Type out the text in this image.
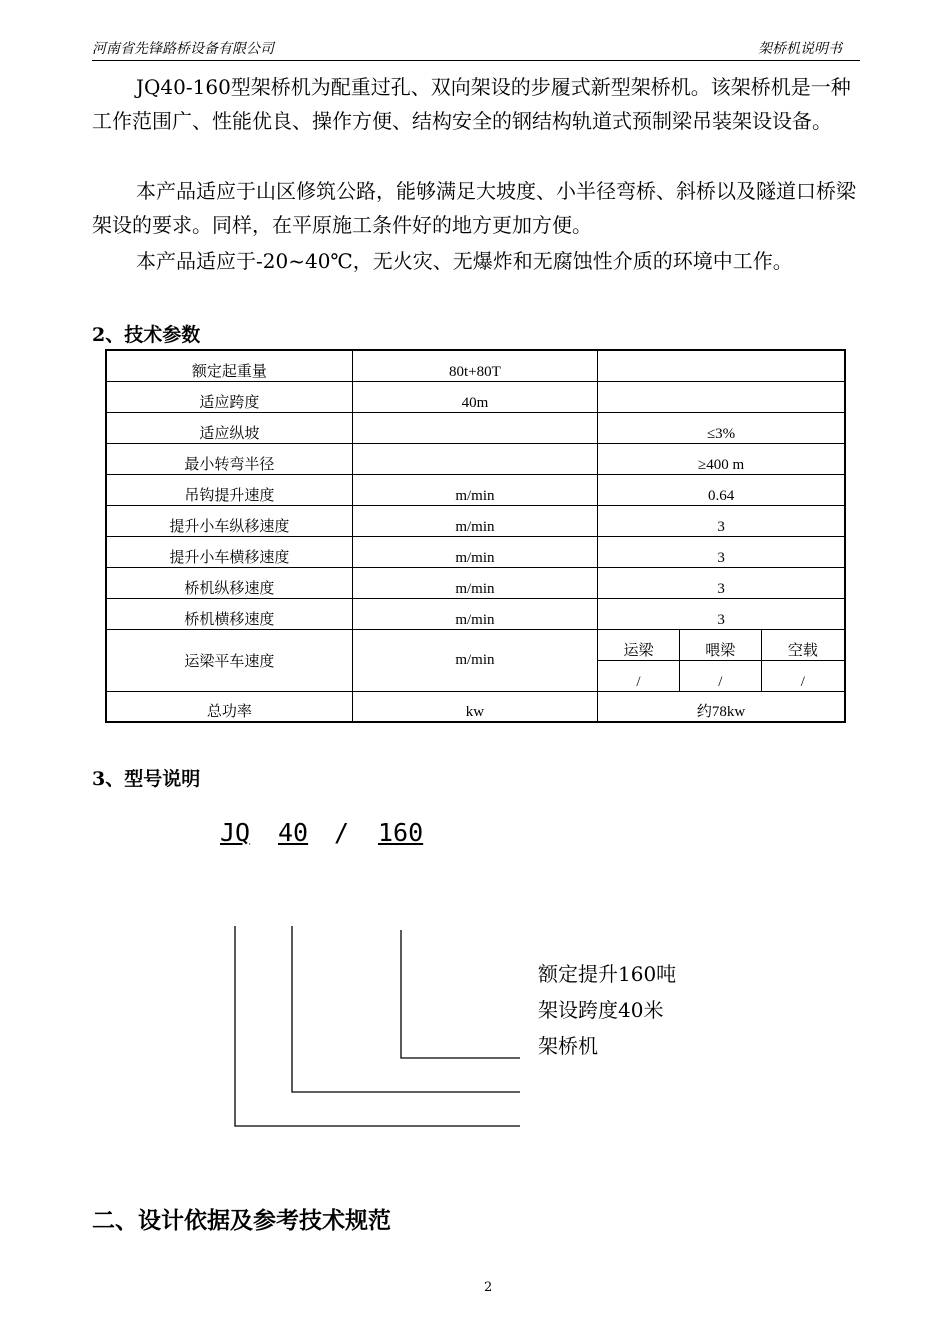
河南省先锋路桥设备有限公司	架桥机说明书

JQ40-160型架桥机为配重过孔、双向架设的步履式新型架桥机。该架桥机是一种工作范围广、性能优良、操作方便、结构安全的钢结构轨道式预制梁吊装架设设备。

本产品适应于山区修筑公路，能够满足大坡度、小半径弯桥、斜桥以及隧道口桥梁架设的要求。同样，在平原施工条件好的地方更加方便。

本产品适应于-20~40℃，无火灾、无爆炸和无腐蚀性介质的环境中工作。

2、技术参数
额定起重量	80t+80T			
适应跨度	40m			
适应纵坡		≤3%		
最小转弯半径		≥400 m		
吊钩提升速度	m/min	0.64		
提升小车纵移速度	m/min	3		
提升小车横移速度	m/min	3		
桥机纵移速度	m/min	3		
桥机横移速度	m/min	3		
运梁平车速度	m/min	运梁	喂梁	空载
		/	/	/
总功率	kw	约78kw		
3、型号说明
JQ 40 / 160
额定提升160吨
架设跨度40米
架桥机
二、设计依据及参考技术规范
2
